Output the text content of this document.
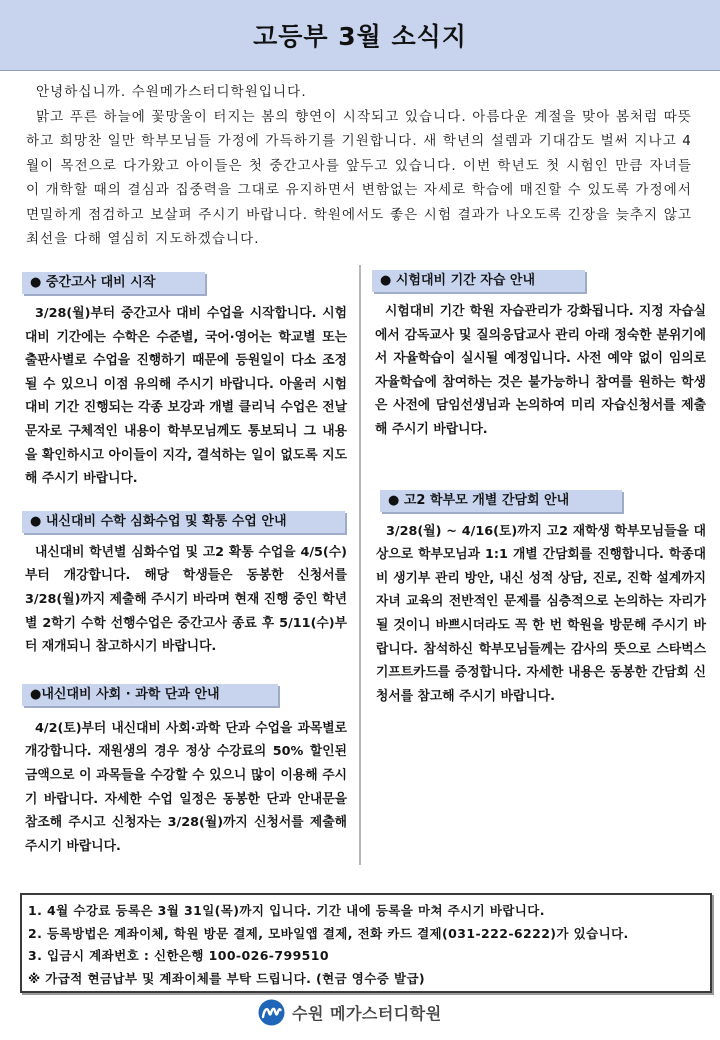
고등부 3월 소식지

안녕하십니까. 수원메가스터디학원입니다.

맑고 푸른 하늘에 꽃망울이 터지는 봄의 향연이 시작되고 있습니다. 아름다운 계절을 맞아 봄처럼 따뜻하고 희망찬 일만 학부모님들 가정에 가득하기를 기원합니다. 새 학년의 설렘과 기대감도 벌써 지나고 4월이 목전으로 다가왔고 아이들은 첫 중간고사를 앞두고 있습니다. 이번 학년도 첫 시험인 만큼 자녀들이 개학할 때의 결심과 집중력을 그대로 유지하면서 변함없는 자세로 학습에 매진할 수 있도록 가정에서 면밀하게 점검하고 보살펴 주시기 바랍니다. 학원에서도 좋은 시험 결과가 나오도록 긴장을 늦추지 않고 최선을 다해 열심히 지도하겠습니다.

● 중간고사 대비 시작

3/28(월)부터 중간고사 대비 수업을 시작합니다. 시험대비 기간에는 수학은 수준별, 국어·영어는 학교별 또는 출판사별로 수업을 진행하기 때문에 등원일이 다소 조정될 수 있으니 이점 유의해 주시기 바랍니다. 아울러 시험대비 기간 진행되는 각종 보강과 개별 클리닉 수업은 전날 문자로 구체적인 내용이 학부모님께도 통보되니 그 내용을 확인하시고 아이들이 지각, 결석하는 일이 없도록 지도해 주시기 바랍니다.

● 내신대비 수학 심화수업 및 확통 수업 안내

내신대비 학년별 심화수업 및 고2 확통 수업을 4/5(수)부터 개강합니다. 해당 학생들은 동봉한 신청서를 3/28(월)까지 제출해 주시기 바라며 현재 진행 중인 학년별 2학기 수학 선행수업은 중간고사 종료 후 5/11(수)부터 재개되니 참고하시기 바랍니다.

●내신대비 사회 · 과학 단과 안내

4/2(토)부터 내신대비 사회·과학 단과 수업을 과목별로 개강합니다. 재원생의 경우 정상 수강료의 50% 할인된 금액으로 이 과목들을 수강할 수 있으니 많이 이용해 주시기 바랍니다. 자세한 수업 일정은 동봉한 단과 안내문을 참조해 주시고 신청자는 3/28(월)까지 신청서를 제출해 주시기 바랍니다.

● 시험대비 기간 자습 안내

시험대비 기간 학원 자습관리가 강화됩니다. 지정 자습실에서 감독교사 및 질의응답교사 관리 아래 정숙한 분위기에서 자율학습이 실시될 예정입니다. 사전 예약 없이 임의로 자율학습에 참여하는 것은 불가능하니 참여를 원하는 학생은 사전에 담임선생님과 논의하여 미리 자습신청서를 제출해 주시기 바랍니다.

● 고2 학부모 개별 간담회 안내

3/28(월) ~ 4/16(토)까지 고2 재학생 학부모님들을 대상으로 학부모님과 1:1 개별 간담회를 진행합니다. 학종대비 생기부 관리 방안, 내신 성적 상담, 진로, 진학 설계까지 자녀 교육의 전반적인 문제를 심층적으로 논의하는 자리가 될 것이니 바쁘시더라도 꼭 한 번 학원을 방문해 주시기 바랍니다. 참석하신 학부모님들께는 감사의 뜻으로 스타벅스 기프트카드를 증정합니다. 자세한 내용은 동봉한 간담회 신청서를 참고해 주시기 바랍니다.

1. 4월 수강료 등록은 3월 31일(목)까지 입니다. 기간 내에 등록을 마쳐 주시기 바랍니다.
2. 등록방법은 계좌이체, 학원 방문 결제, 모바일앱 결제, 전화 카드 결제(031-222-6222)가 있습니다.
3. 입금시 계좌번호 : 신한은행 100-026-799510
※ 가급적 현금납부 및 계좌이체를 부탁 드립니다. (현금 영수증 발급)
수원 메가스터디학원
